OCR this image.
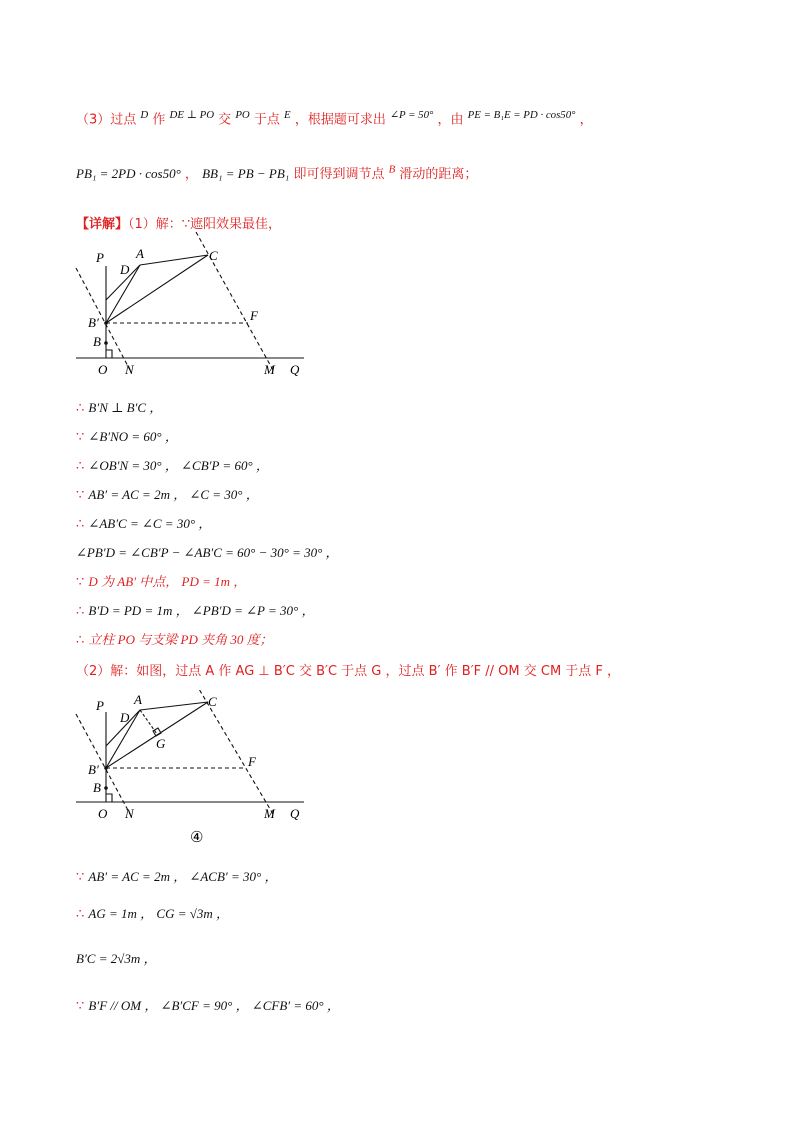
（3）过点 $^D$ 作 $^{DE \perp PO}$ 交 $^{PO}$ 于点 $^E$ ，根据题可求出 $^{\angle P = 50^\circ}$ ，由 $^{PE = B_1E = PD \cdot cos50^\circ}$ ，
PB₁ = 2PD · cos50° ， BB₁ = PB − PB₁ 即可得到调节点 $^B$ 滑动的距离；
【详解】（1）解：∵遮阳效果最佳，
P A
D
C
B′
B
F
O N	M Q
∴ B′N ⊥ B′C ，
∵ ∠B′NO = 60° ，
∴ ∠OB′N = 30° ， ∠CB′P = 60° ，
∵ AB′ = AC = 2m ， ∠C = 30° ，
∴ ∠AB′C = ∠C = 30° ，
∠PB′D = ∠CB′P − ∠AB′C = 60° − 30° = 30° ，
∵ D 为 AB′ 中点， PD = 1m ，
∴ B′D = PD = 1m ， ∠PB′D = ∠P = 30° ，
∴ 立柱 PO 与支梁 PD 夹角 30 度；
（2）解：如图，过点 A 作 AG ⊥ B′C 交 B′C 于点 G ，过点 B′ 作 B′F // OM 交 CM 于点 F ，
P A
D
C
G
B′
B
F
O N	M Q
④
∵ AB′ = AC = 2m ， ∠ACB′ = 30° ，
∴ AG = 1m ， CG = √3m ，
B′C = 2√3m ，
∵ B′F // OM ， ∠B′CF = 90° ， ∠CFB′ = 60° ，
